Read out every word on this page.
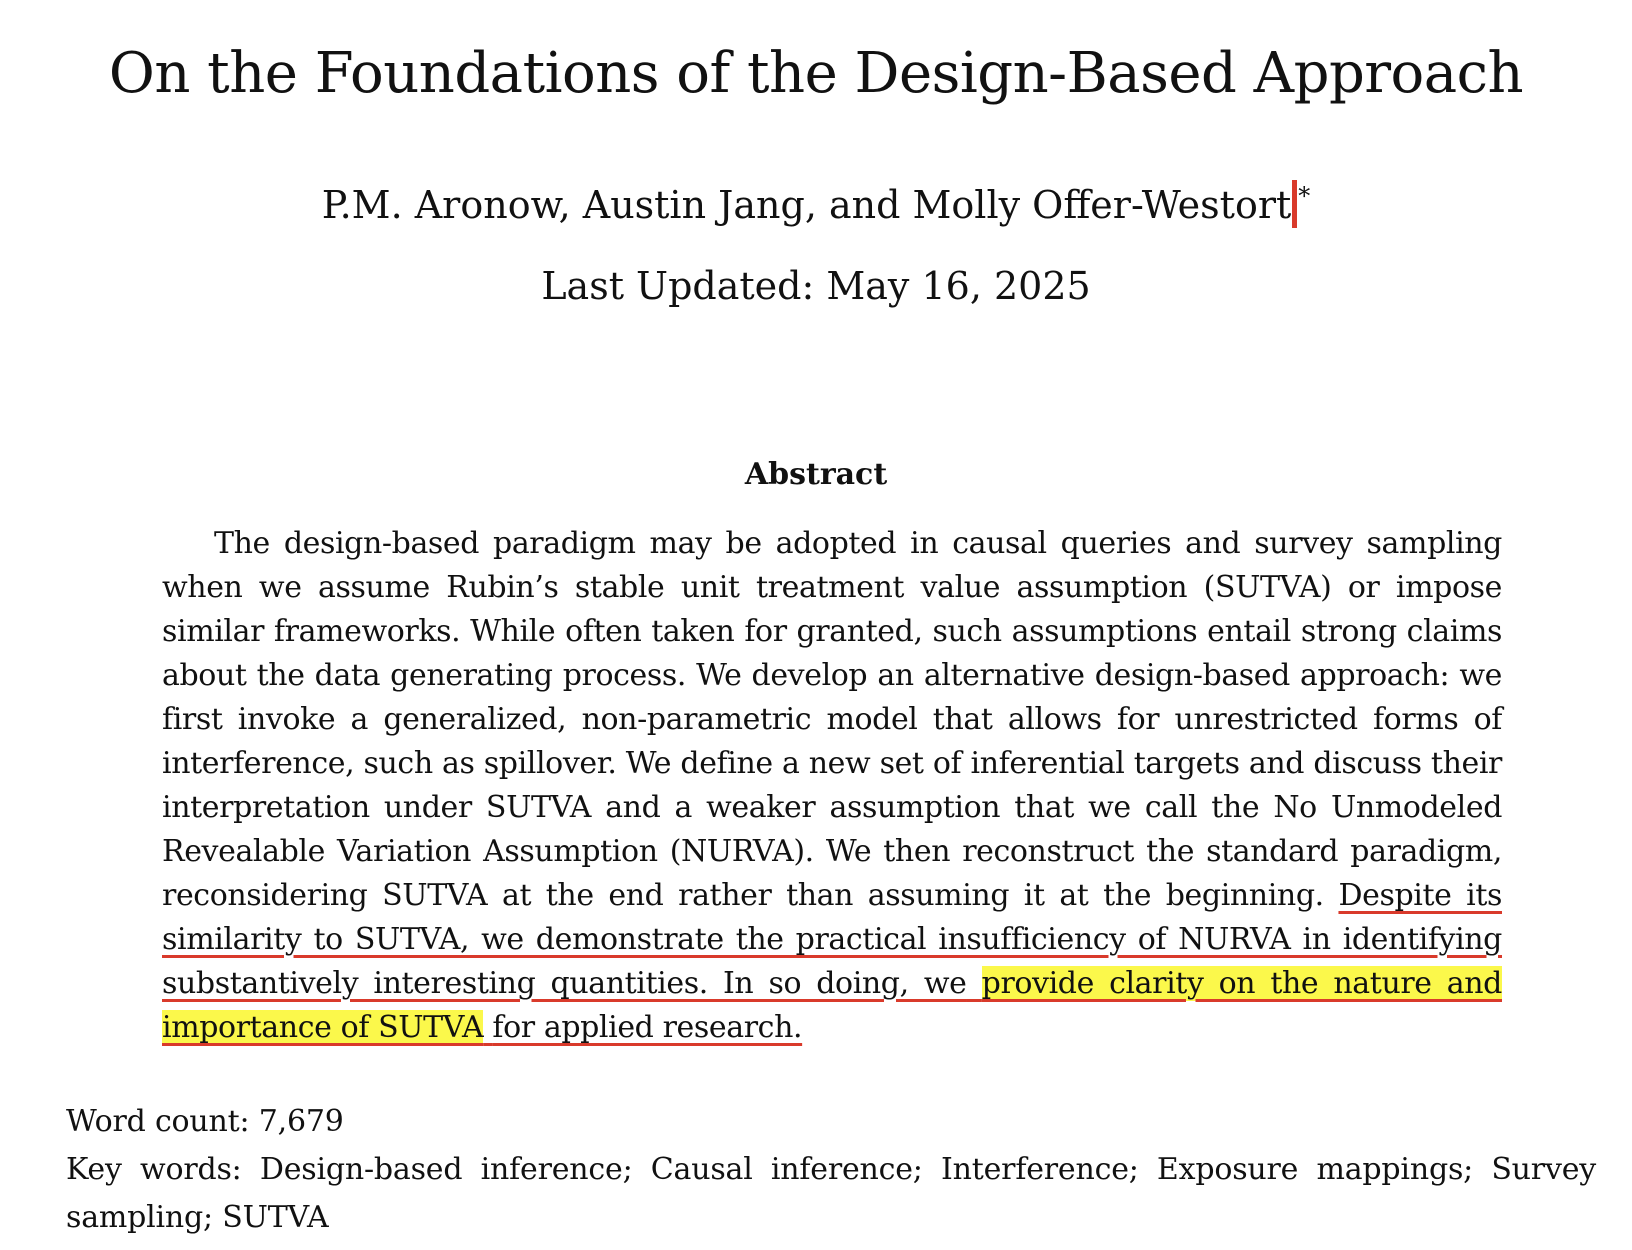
On the Foundations of the Design-Based Approach
P.M. Aronow, Austin Jang, and Molly Offer-Westort *
Last Updated: May 16, 2025
Abstract

The design-based paradigm may be adopted in causal queries and survey sampling when we assume Rubin’s stable unit treatment value assumption (SUTVA) or impose similar frameworks. While often taken for granted, such assumptions entail strong claims about the data generating process. We develop an alternative design-based approach: we first invoke a generalized, non-parametric model that allows for unrestricted forms of interference, such as spillover. We define a new set of inferential targets and discuss their interpretation under SUTVA and a weaker assumption that we call the No Unmodeled Revealable Variation Assumption (NURVA). We then reconstruct the standard paradigm, reconsidering SUTVA at the end rather than assuming it at the beginning. Despite its similarity to SUTVA, we demonstrate the practical insufficiency of NURVA in identifying substantively interesting quantities. In so doing, we provide clarity on the nature and importance of SUTVA for applied research.

Word count: 7,679
Key words: Design-based inference; Causal inference; Interference; Exposure mappings; Survey sampling; SUTVA
